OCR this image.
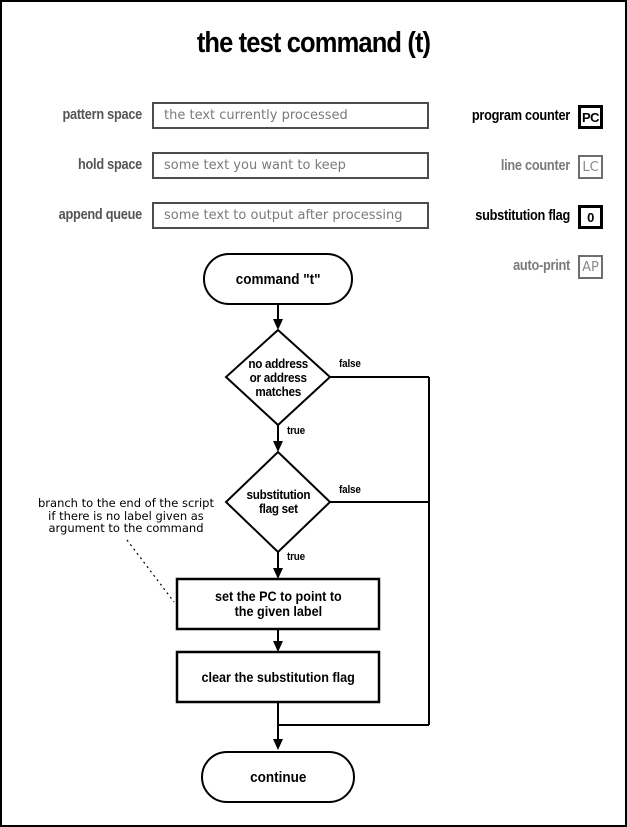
the test command (t)
pattern space the text currently processed
hold space some text you want to keep
append queue some text to output after processing
program counter PC
line counter LC
substitution flag 0
auto-print AP
command "t"
no address
or address
matches
false
true
substitution
flag set
false
true
set the PC to point to
the given label
clear the substitution flag
continue
branch to the end of the script
if there is no label given as
argument to the command
